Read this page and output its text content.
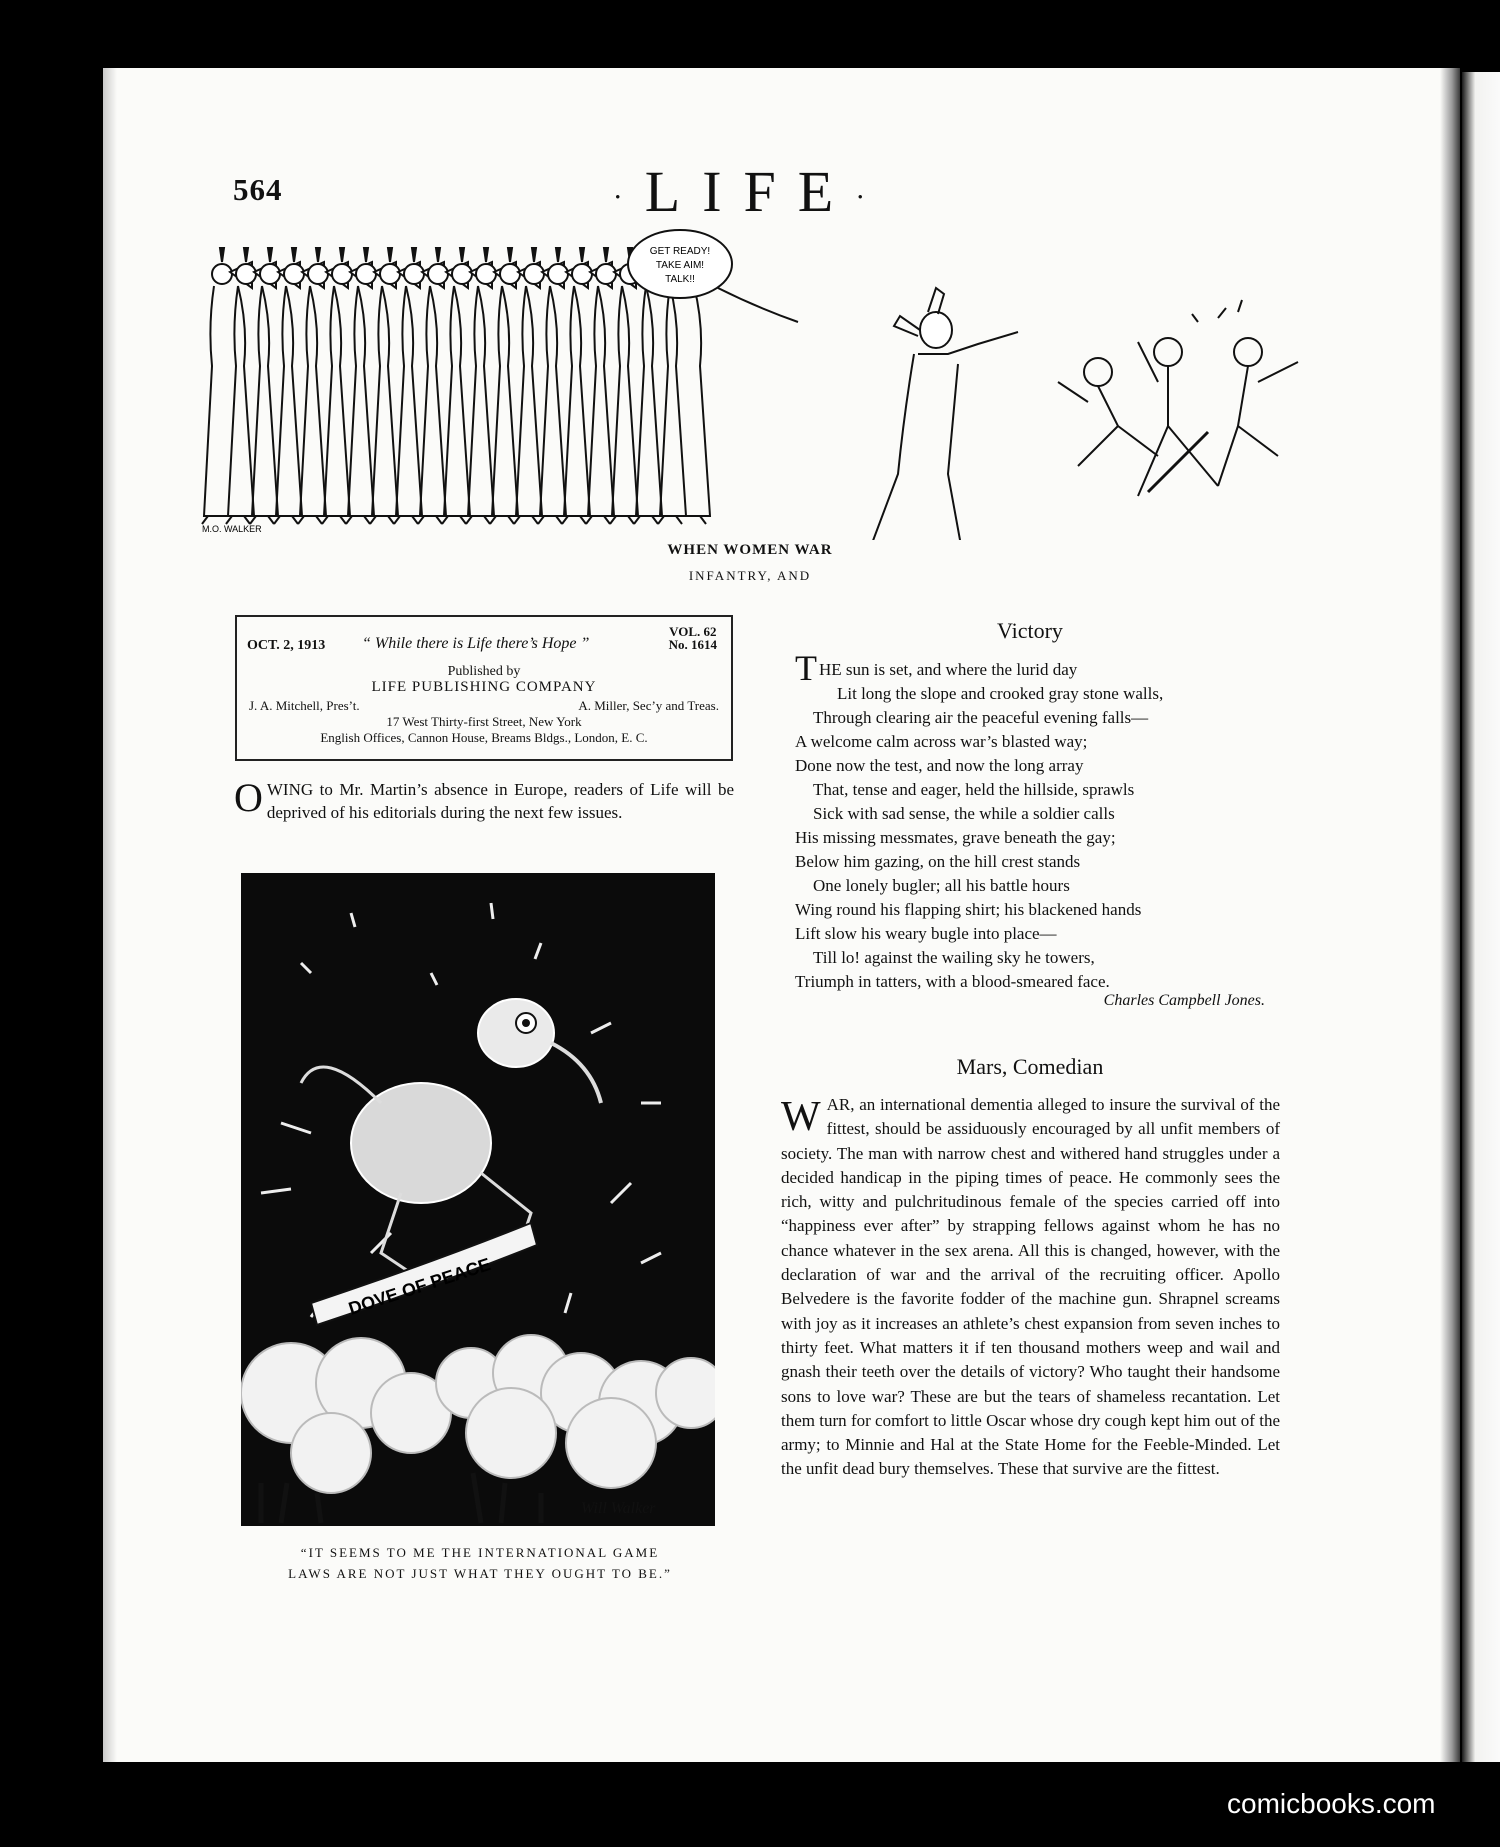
564	·LIFE·
GET READY!
TAKE AIM!
TALK!!
M.O. WALKER
WHEN WOMEN WAR
INFANTRY, AND
OCT. 2, 1913 “ While there is Life there’s Hope ”
VOL. 62
No. 1614
Published by
LIFE PUBLISHING COMPANY
J. A. Mitchell, Pres’t.	A. Miller, Sec’y and Treas.
17 West Thirty-first Street, New York
English Offices, Cannon House, Breams Bldgs., London, E. C.
OWING to Mr. Martin’s absence in Europe, readers of Life will be deprived of his editorials during the next few issues.
DOVE OF PEACE
Will Walker
“IT SEEMS TO ME THE INTERNATIONAL GAME
LAWS ARE NOT JUST WHAT THEY OUGHT TO BE.”
Victory
T HE sun is set, and where the lurid day
Lit long the slope and crooked gray stone walls,
Through clearing air the peaceful evening falls—
A welcome calm across war’s blasted way;
Done now the test, and now the long array
That, tense and eager, held the hillside, sprawls
Sick with sad sense, the while a soldier calls
His missing messmates, grave beneath the gay;
Below him gazing, on the hill crest stands
One lonely bugler; all his battle hours
Wing round his flapping shirt; his blackened hands
Lift slow his weary bugle into place—
Till lo! against the wailing sky he towers,
Triumph in tatters, with a blood-smeared face.
Charles Campbell Jones.
Mars, Comedian
WAR, an international dementia alleged to insure the survival of the fittest, should be assiduously encouraged by all unfit members of society. The man with narrow chest and withered hand struggles under a decided handicap in the piping times of peace. He commonly sees the rich, witty and pulchritudinous female of the species carried off into “happiness ever after” by strapping fellows against whom he has no chance whatever in the sex arena. All this is changed, however, with the declaration of war and the arrival of the recruiting officer. Apollo Belvedere is the favorite fodder of the machine gun. Shrapnel screams with joy as it increases an athlete’s chest expansion from seven inches to thirty feet. What matters it if ten thousand mothers weep and wail and gnash their teeth over the details of victory? Who taught their handsome sons to love war? These are but the tears of shameless recantation. Let them turn for comfort to little Oscar whose dry cough kept him out of the army; to Minnie and Hal at the State Home for the Feeble-Minded. Let the unfit dead bury themselves. These that survive are the fittest.
comicbooks.com
